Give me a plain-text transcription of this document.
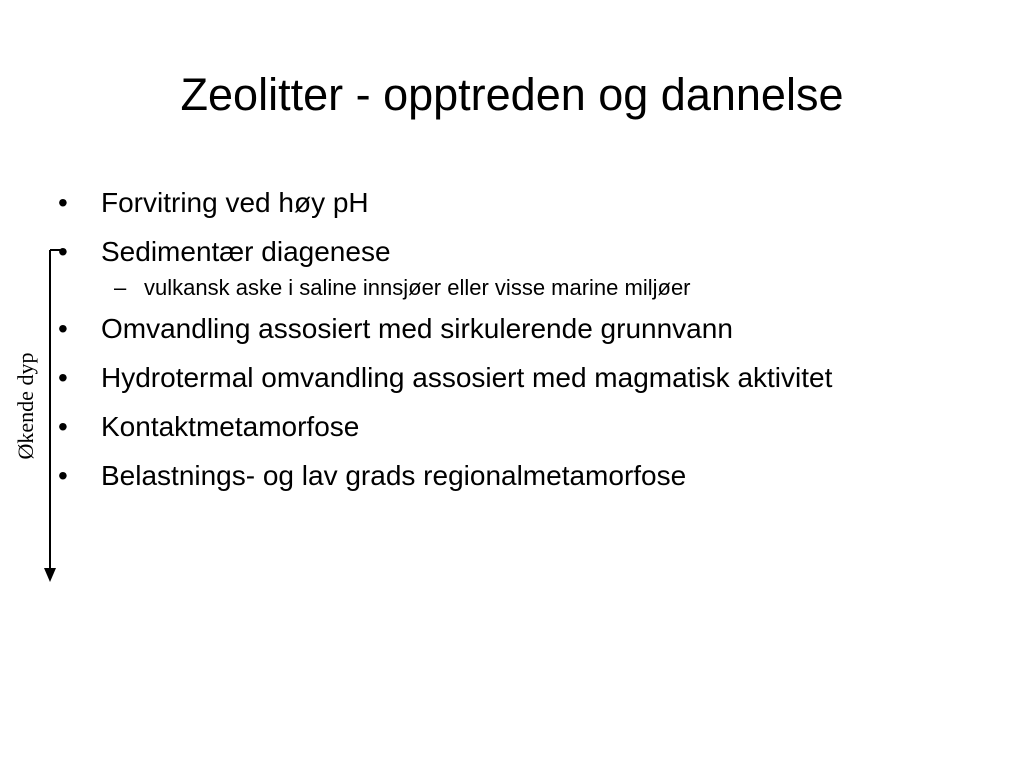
Zeolitter - opptreden og dannelse
•	Forvitring ved høy pH
•	Sedimentær diagenese
– vulkansk aske i saline innsjøer eller visse marine miljøer
•	Omvandling assosiert med sirkulerende grunnvann
•	Hydrotermal omvandling assosiert med magmatisk aktivitet
•	Kontaktmetamorfose
•	Belastnings- og lav grads regionalmetamorfose
Økende dyp
